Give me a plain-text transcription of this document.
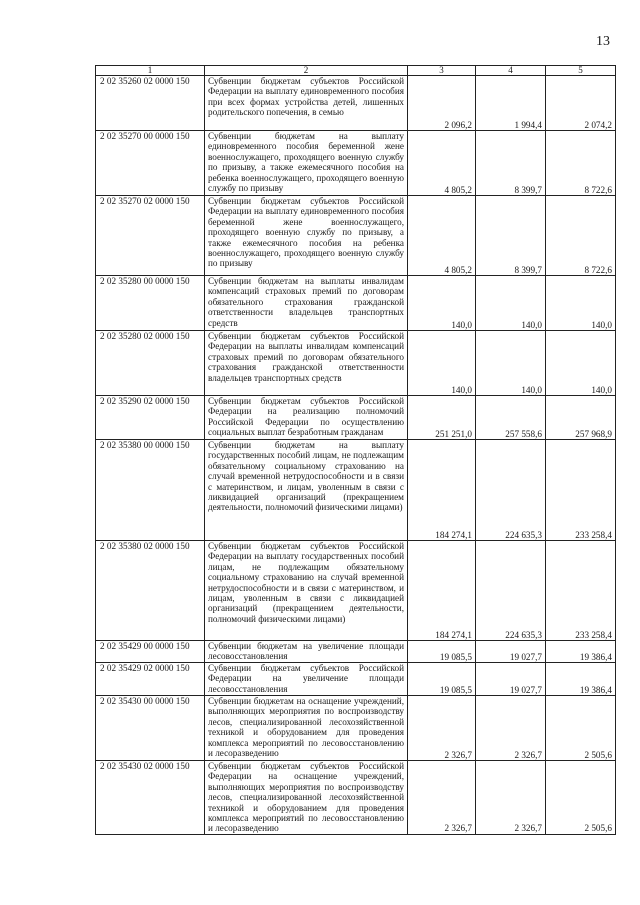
13
1	2	3	4	5
2 02 35260 02 0000 150	Субвенции бюджетам субъектов Российской Федерации на выплату единовременного пособия при всех формах устройства детей, лишенных родительского попечения, в семью	2 096,2	1 994,4	2 074,2
2 02 35270 00 0000 150	Субвенции бюджетам на выплату единовременного пособия беременной жене военнослужащего, проходящего военную службу по призыву, а также ежемесячного пособия на ребенка военнослужащего, проходящего военную службу по призыву	4 805,2	8 399,7	8 722,6
2 02 35270 02 0000 150	Субвенции бюджетам субъектов Российской Федерации на выплату единовременного пособия беременной жене военнослужащего, проходящего военную службу по призыву, а также ежемесячного пособия на ребенка военнослужащего, проходящего военную службу по призыву	4 805,2	8 399,7	8 722,6
2 02 35280 00 0000 150	Субвенции бюджетам на выплаты инвалидам компенсаций страховых премий по договорам обязательного страхования гражданской ответственности владельцев транспортных средств	140,0	140,0	140,0
2 02 35280 02 0000 150	Субвенции бюджетам субъектов Российской Федерации на выплаты инвалидам компенсаций страховых премий по договорам обязательного страхования гражданской ответственности владельцев транспортных средств	140,0	140,0	140,0
2 02 35290 02 0000 150	Субвенции бюджетам субъектов Российской Федерации на реализацию полномочий Российской Федерации по осуществлению социальных выплат безработным гражданам	251 251,0	257 558,6	257 968,9
2 02 35380 00 0000 150	Субвенции бюджетам на выплату государственных пособий лицам, не подлежащим обязательному социальному страхованию на случай временной нетрудоспособности и в связи с материнством, и лицам, уволенным в связи с ликвидацией организаций (прекращением деятельности, полномочий физическими лицами)	184 274,1	224 635,3	233 258,4
2 02 35380 02 0000 150	Субвенции бюджетам субъектов Российской Федерации на выплату государственных пособий лицам, не подлежащим обязательному социальному страхованию на случай временной нетрудоспособности и в связи с материнством, и лицам, уволенным в связи с ликвидацией организаций (прекращением деятельности, полномочий физическими лицами)	184 274,1	224 635,3	233 258,4
2 02 35429 00 0000 150	Субвенции бюджетам на увеличение площади лесовосстановления	19 085,5	19 027,7	19 386,4
2 02 35429 02 0000 150	Субвенции бюджетам субъектов Российской Федерации на увеличение площади лесовосстановления	19 085,5	19 027,7	19 386,4
2 02 35430 00 0000 150	Субвенции бюджетам на оснащение учреждений, выполняющих мероприятия по воспроизводству лесов, специализированной лесохозяйственной техникой и оборудованием для проведения комплекса мероприятий по лесовосстановлению и лесоразведению	2 326,7	2 326,7	2 505,6
2 02 35430 02 0000 150	Субвенции бюджетам субъектов Российской Федерации на оснащение учреждений, выполняющих мероприятия по воспроизводству лесов, специализированной лесохозяйственной техникой и оборудованием для проведения комплекса мероприятий по лесовосстановлению и лесоразведению	2 326,7	2 326,7	2 505,6
